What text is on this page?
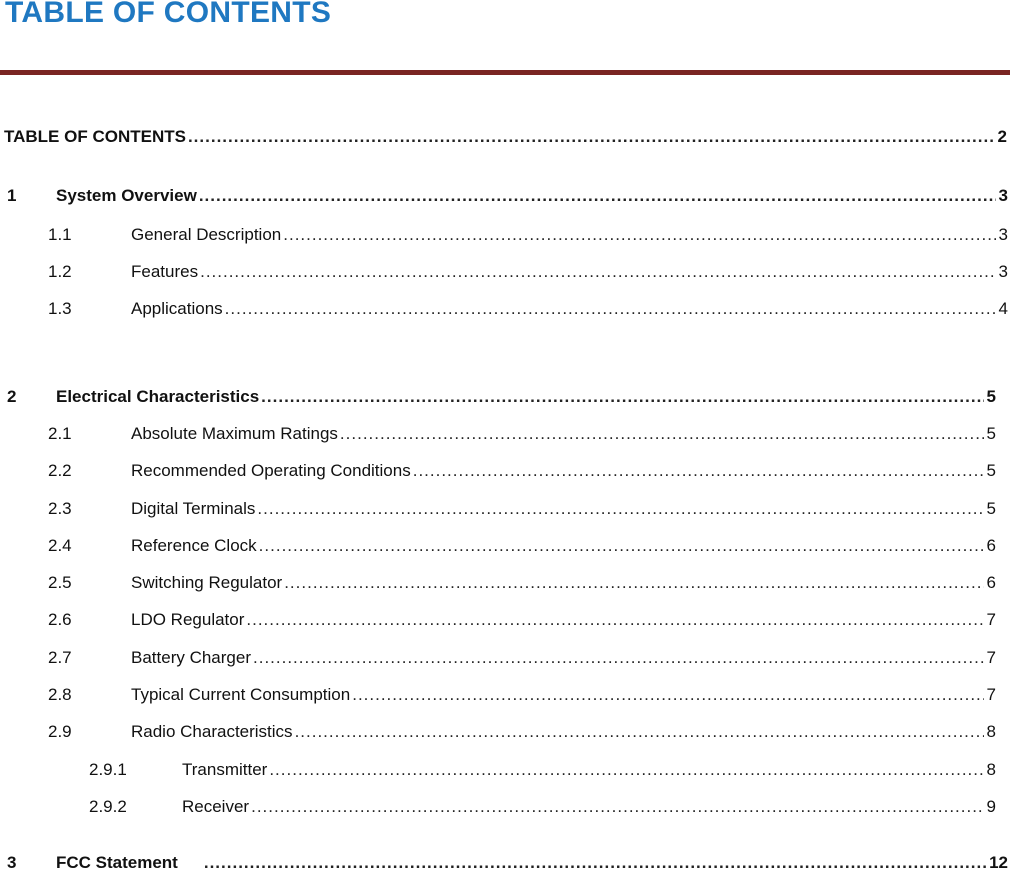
TABLE OF CONTENTS
TABLE OF CONTENTS .....	2
1	System Overview .....	3
1.1	General Description .....	3
1.2	Features .....	3
1.3	Applications .....	4
2	Electrical Characteristics .....	5
2.1	Absolute Maximum Ratings .....	5
2.2	Recommended Operating Conditions .....	5
2.3	Digital Terminals .....	5
2.4	Reference Clock .....	6
2.5	Switching Regulator .....	6
2.6	LDO Regulator .....	7
2.7	Battery Charger .....	7
2.8	Typical Current Consumption .....	7
2.9	Radio Characteristics .....	8
2.9.1	Transmitter .....	8
2.9.2	Receiver .....	9
3	FCC Statement .....	12
